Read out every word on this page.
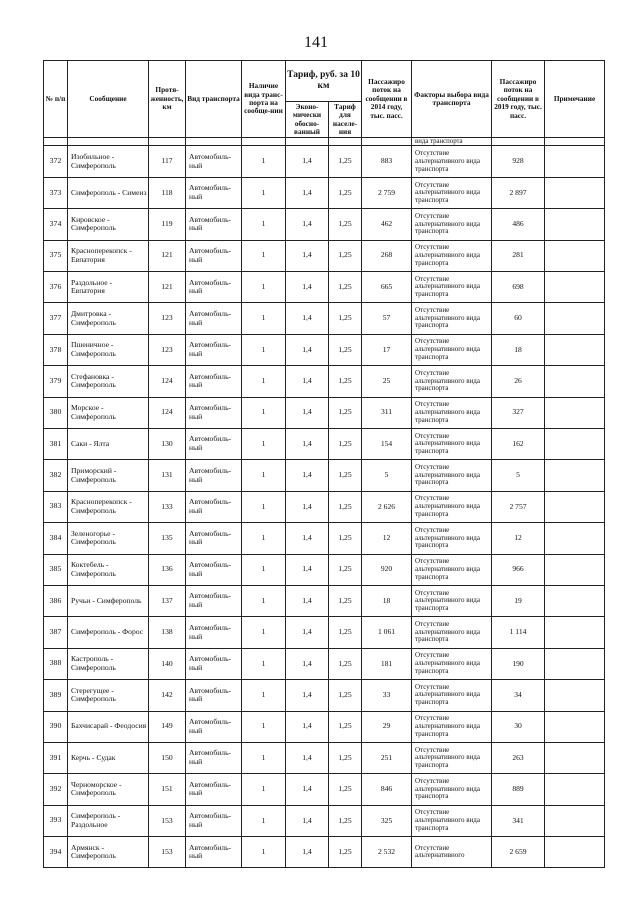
141
№ п/п	Сообщение	Протя-женность, км	Вид транспорта	Наличие вида транс-порта на сообще-нии	Тариф, руб. за 10 км		Пассажиро поток на сообщении в 2014 году, тыс. пасс.	Факторы выбора вида транспорта	Пассажиро поток на сообщении в 2019 году, тыс. пасс.	Примечание
					Эконо-мически обосно-ванный	Тариф для населе-ния				
								вида транспорта		
372	Изобильное - Симферополь	117	Автомобиль-ный	1	1,4	1,25	883	Отсутствие альтернативного вида транспорта	928	
373	Симферополь - Симеиз	118	Автомобиль-ный	1	1,4	1,25	2 759	Отсутствие альтернативного вида транспорта	2 897	
374	Кировское - Симферополь	119	Автомобиль-ный	1	1,4	1,25	462	Отсутствие альтернативного вида транспорта	486	
375	Красноперекопск - Евпатория	121	Автомобиль-ный	1	1,4	1,25	268	Отсутствие альтернативного вида транспорта	281	
376	Раздольное - Евпатория	121	Автомобиль-ный	1	1,4	1,25	665	Отсутствие альтернативного вида транспорта	698	
377	Дмитровка - Симферополь	123	Автомобиль-ный	1	1,4	1,25	57	Отсутствие альтернативного вида транспорта	60	
378	Пшеничное - Симферополь	123	Автомобиль-ный	1	1,4	1,25	17	Отсутствие альтернативного вида транспорта	18	
379	Стефановка - Симферополь	124	Автомобиль-ный	1	1,4	1,25	25	Отсутствие альтернативного вида транспорта	26	
380	Морское - Симферополь	124	Автомобиль-ный	1	1,4	1,25	311	Отсутствие альтернативного вида транспорта	327	
381	Саки - Ялта	130	Автомобиль-ный	1	1,4	1,25	154	Отсутствие альтернативного вида транспорта	162	
382	Приморский - Симферополь	131	Автомобиль-ный	1	1,4	1,25	5	Отсутствие альтернативного вида транспорта	5	
383	Красноперекопск - Симферополь	133	Автомобиль-ный	1	1,4	1,25	2 626	Отсутствие альтернативного вида транспорта	2 757	
384	Зеленогорье - Симферополь	135	Автомобиль-ный	1	1,4	1,25	12	Отсутствие альтернативного вида транспорта	12	
385	Коктебель - Симферополь	136	Автомобиль-ный	1	1,4	1,25	920	Отсутствие альтернативного вида транспорта	966	
386	Ручьи - Симферополь	137	Автомобиль-ный	1	1,4	1,25	18	Отсутствие альтернативного вида транспорта	19	
387	Симферополь - Форос	138	Автомобиль-ный	1	1,4	1,25	1 061	Отсутствие альтернативного вида транспорта	1 114	
388	Кастрополь - Симферополь	140	Автомобиль-ный	1	1,4	1,25	181	Отсутствие альтернативного вида транспорта	190	
389	Стерегущее - Симферополь	142	Автомобиль-ный	1	1,4	1,25	33	Отсутствие альтернативного вида транспорта	34	
390	Бахчисарай - Феодосия	149	Автомобиль-ный	1	1,4	1,25	29	Отсутствие альтернативного вида транспорта	30	
391	Керчь - Судак	150	Автомобиль-ный	1	1,4	1,25	251	Отсутствие альтернативного вида транспорта	263	
392	Черноморское - Симферополь	151	Автомобиль-ный	1	1,4	1,25	846	Отсутствие альтернативного вида транспорта	889	
393	Симферополь - Раздольное	153	Автомобиль-ный	1	1,4	1,25	325	Отсутствие альтернативного вида транспорта	341	
394	Армянск - Симферополь	153	Автомобиль-ный	1	1,4	1,25	2 532	Отсутствие альтернативного	2 659	
